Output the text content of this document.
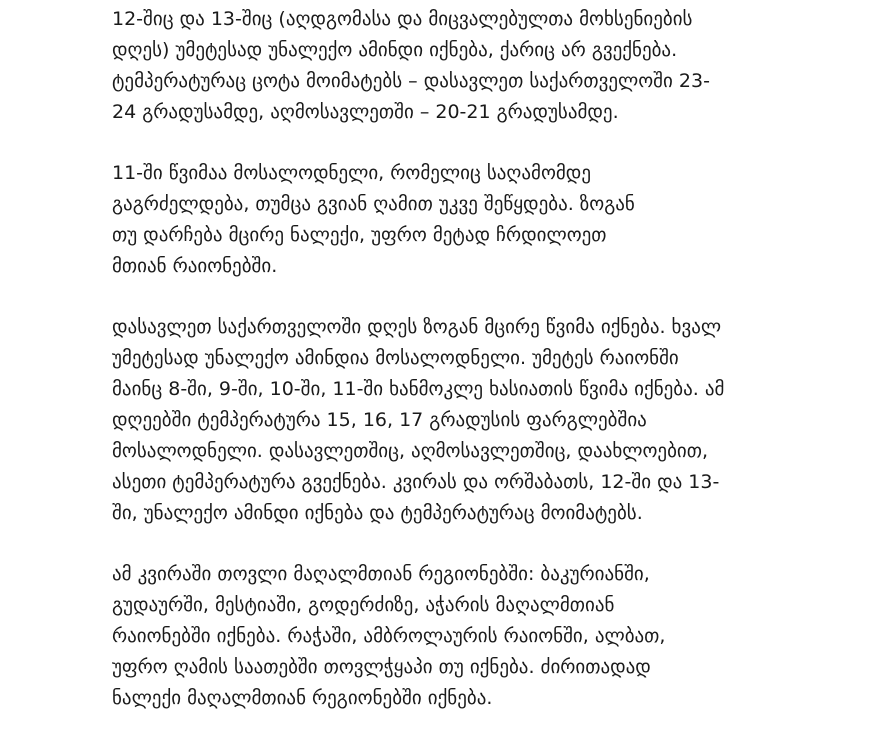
12-შიც და 13-შიც (აღდგომასა და მიცვალებულთა მოხსენიების
დღეს) უმეტესად უნალექო ამინდი იქნება, ქარიც არ გვექნება.
ტემპერატურაც ცოტა მოიმატებს – დასავლეთ საქართველოში 23-
24 გრადუსამდე, აღმოსავლეთში – 20-21 გრადუსამდე.

11-ში წვიმაა მოსალოდნელი, რომელიც საღამომდე
გაგრძელდება, თუმცა გვიან ღამით უკვე შეწყდება. ზოგან
თუ დარჩება მცირე ნალექი, უფრო მეტად ჩრდილოეთ
მთიან რაიონებში.

დასავლეთ საქართველოში დღეს ზოგან მცირე წვიმა იქნება. ხვალ
უმეტესად უნალექო ამინდია მოსალოდნელი. უმეტეს რაიონში
მაინც 8-ში, 9-ში, 10-ში, 11-ში ხანმოკლე ხასიათის წვიმა იქნება. ამ
დღეებში ტემპერატურა 15, 16, 17 გრადუსის ფარგლებშია
მოსალოდნელი. დასავლეთშიც, აღმოსავლეთშიც, დაახლოებით,
ასეთი ტემპერატურა გვექნება. კვირას და ორშაბათს, 12-ში და 13-
ში, უნალექო ამინდი იქნება და ტემპერატურაც მოიმატებს.

ამ კვირაში თოვლი მაღალმთიან რეგიონებში: ბაკურიანში,
გუდაურში, მესტიაში, გოდერძიზე, აჭარის მაღალმთიან
რაიონებში იქნება. რაჭაში, ამბროლაურის რაიონში, ალბათ,
უფრო ღამის საათებში თოვლჭყაპი თუ იქნება. ძირითადად
ნალექი მაღალმთიან რეგიონებში იქნება.
